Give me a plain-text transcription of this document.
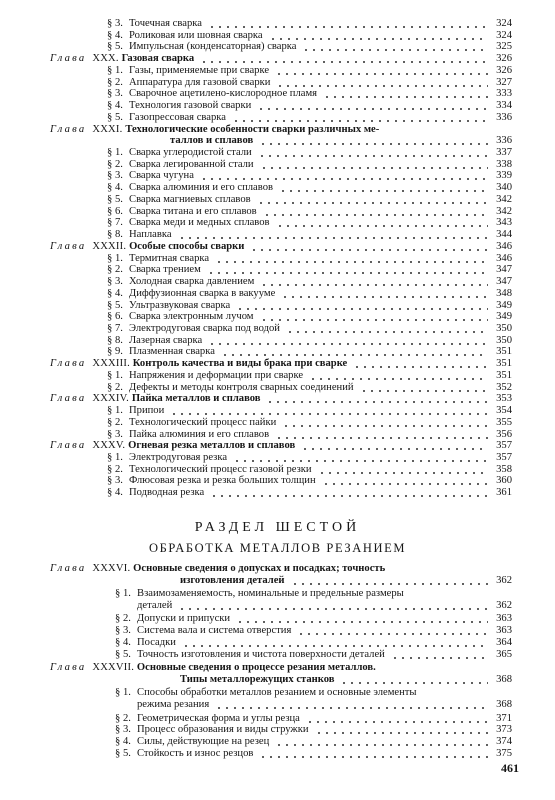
РАЗДЕЛ ШЕСТОЙ
ОБРАБОТКА МЕТАЛЛОВ РЕЗАНИЕМ
461
§ 3. Точечная сварка	324
§ 4. Роликовая или шовная сварка	324
§ 5. Импульсная (конденсаторная) сварка	325
Глава XXX. Газовая сварка	326
§ 1. Газы, применяемые при сварке	326
§ 2. Аппаратура для газовой сварки	327
§ 3. Сварочное ацетилено-кислородное пламя	333
§ 4. Технология газовой сварки	334
§ 5. Газопрессовая сварка	336
Глава XXXI. Технологические особенности сварки различных ме-
таллов и сплавов	336
§ 1. Сварка углеродистой стали	337
§ 2. Сварка легированной стали	338
§ 3. Сварка чугуна	339
§ 4. Сварка алюминия и его сплавов	340
§ 5. Сварка магниевых сплавов	342
§ 6. Сварка титана и его сплавов	342
§ 7. Сварка меди и медных сплавов	343
§ 8. Наплавка	344
Глава XXXII. Особые способы сварки	346
§ 1. Термитная сварка	346
§ 2. Сварка трением	347
§ 3. Холодная сварка давлением	347
§ 4. Диффузионная сварка в вакууме	348
§ 5. Ультразвуковая сварка	349
§ 6. Сварка электронным лучом	349
§ 7. Электродуговая сварка под водой	350
§ 8. Лазерная сварка	350
§ 9. Плазменная сварка	351
Глава XXXIII. Контроль качества и виды брака при сварке	351
§ 1. Напряжения и деформации при сварке	351
§ 2. Дефекты и методы контроля сварных соединений	352
Глава XXXIV. Пайка металлов и сплавов	353
§ 1. Припои	354
§ 2. Технологический процесс пайки	355
§ 3. Пайка алюминия и его сплавов	356
Глава XXXV. Огневая резка металлов и сплавов	357
§ 1. Электродуговая резка	357
§ 2. Технологический процесс газовой резки	358
§ 3. Флюсовая резка и резка больших толщин	360
§ 4. Подводная резка	361
Глава XXXVI. Основные сведения о допусках и посадках; точность
изготовления деталей	362
§ 1. Взаимозаменяемость, номинальные и предельные размеры
деталей	362
§ 2. Допуски и припуски	363
§ 3. Система вала и система отверстия	363
§ 4. Посадки	364
§ 5. Точность изготовления и чистота поверхности деталей	365
Глава XXXVII. Основные сведения о процессе резания металлов.
Типы металлорежущих станков	368
§ 1. Способы обработки металлов резанием и основные элементы
режима резания	368
§ 2. Геометрическая форма и углы резца	371
§ 3. Процесс образования и виды стружки	373
§ 4. Силы, действующие на резец	374
§ 5. Стойкость и износ резцов	375
